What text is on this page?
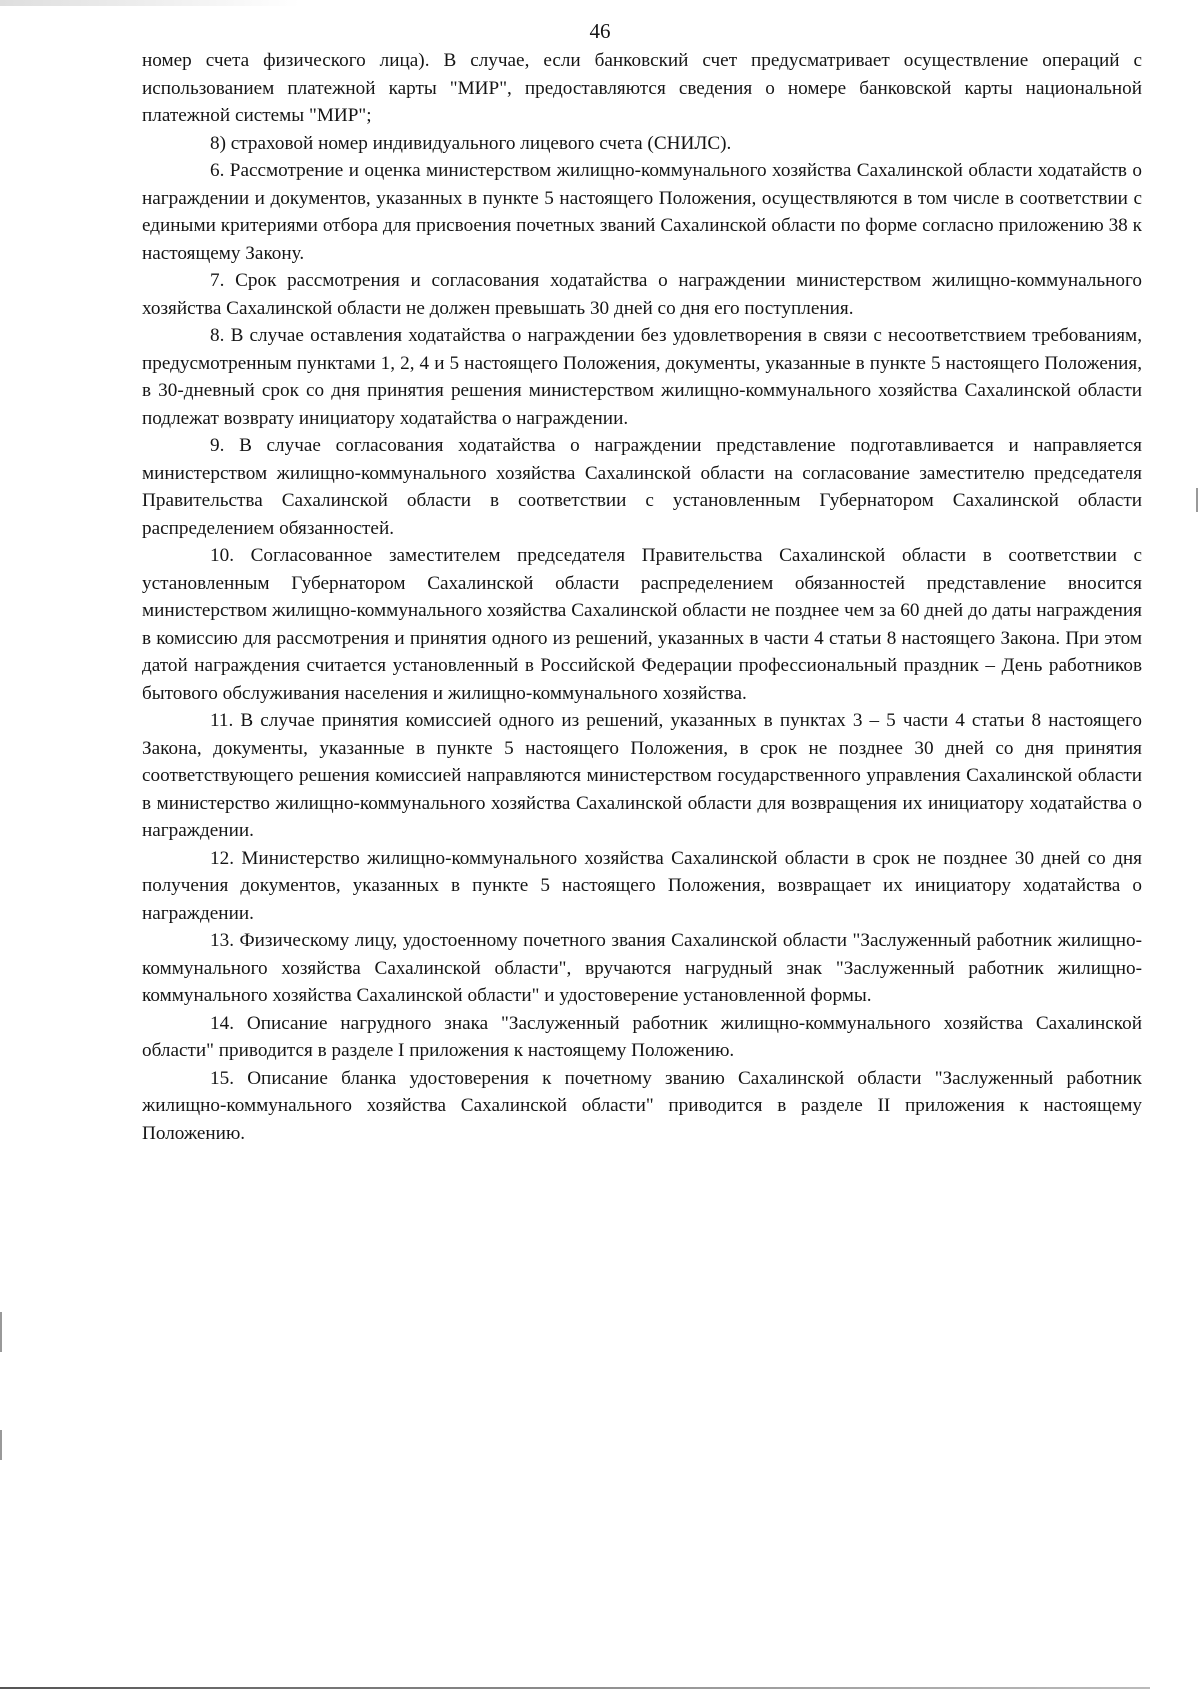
46

номер счета физического лица). В случае, если банковский счет предусматривает осуществление операций с использованием платежной карты "МИР", предоставляются сведения о номере банковской карты национальной платежной системы "МИР";

8) страховой номер индивидуального лицевого счета (СНИЛС).

6. Рассмотрение и оценка министерством жилищно-коммунального хозяйства Сахалинской области ходатайств о награждении и документов, указанных в пункте 5 настоящего Положения, осуществляются в том числе в соответствии с едиными критериями отбора для присвоения почетных званий Сахалинской области по форме согласно приложению 38 к настоящему Закону.

7. Срок рассмотрения и согласования ходатайства о награждении министерством жилищно-коммунального хозяйства Сахалинской области не должен превышать 30 дней со дня его поступления.

8. В случае оставления ходатайства о награждении без удовлетворения в связи с несоответствием требованиям, предусмотренным пунктами 1, 2, 4 и 5 настоящего Положения, документы, указанные в пункте 5 настоящего Положения, в 30-дневный срок со дня принятия решения министерством жилищно-коммунального хозяйства Сахалинской области подлежат возврату инициатору ходатайства о награждении.

9. В случае согласования ходатайства о награждении представление подготавливается и направляется министерством жилищно-коммунального хозяйства Сахалинской области на согласование заместителю председателя Правительства Сахалинской области в соответствии с установленным Губернатором Сахалинской области распределением обязанностей.

10. Согласованное заместителем председателя Правительства Сахалинской области в соответствии с установленным Губернатором Сахалинской области распределением обязанностей представление вносится министерством жилищно-коммунального хозяйства Сахалинской области не позднее чем за 60 дней до даты награждения в комиссию для рассмотрения и принятия одного из решений, указанных в части 4 статьи 8 настоящего Закона. При этом датой награждения считается установленный в Российской Федерации профессиональный праздник – День работников бытового обслуживания населения и жилищно-коммунального хозяйства.

11. В случае принятия комиссией одного из решений, указанных в пунктах 3 – 5 части 4 статьи 8 настоящего Закона, документы, указанные в пункте 5 настоящего Положения, в срок не позднее 30 дней со дня принятия соответствующего решения комиссией направляются министерством государственного управления Сахалинской области в министерство жилищно-коммунального хозяйства Сахалинской области для возвращения их инициатору ходатайства о награждении.

12. Министерство жилищно-коммунального хозяйства Сахалинской области в срок не позднее 30 дней со дня получения документов, указанных в пункте 5 настоящего Положения, возвращает их инициатору ходатайства о награждении.

13. Физическому лицу, удостоенному почетного звания Сахалинской области "Заслуженный работник жилищно-коммунального хозяйства Сахалинской области", вручаются нагрудный знак "Заслуженный работник жилищно-коммунального хозяйства Сахалинской области" и удостоверение установленной формы.

14. Описание нагрудного знака "Заслуженный работник жилищно-коммунального хозяйства Сахалинской области" приводится в разделе I приложения к настоящему Положению.

15. Описание бланка удостоверения к почетному званию Сахалинской области "Заслуженный работник жилищно-коммунального хозяйства Сахалинской области" приводится в разделе II приложения к настоящему Положению.
